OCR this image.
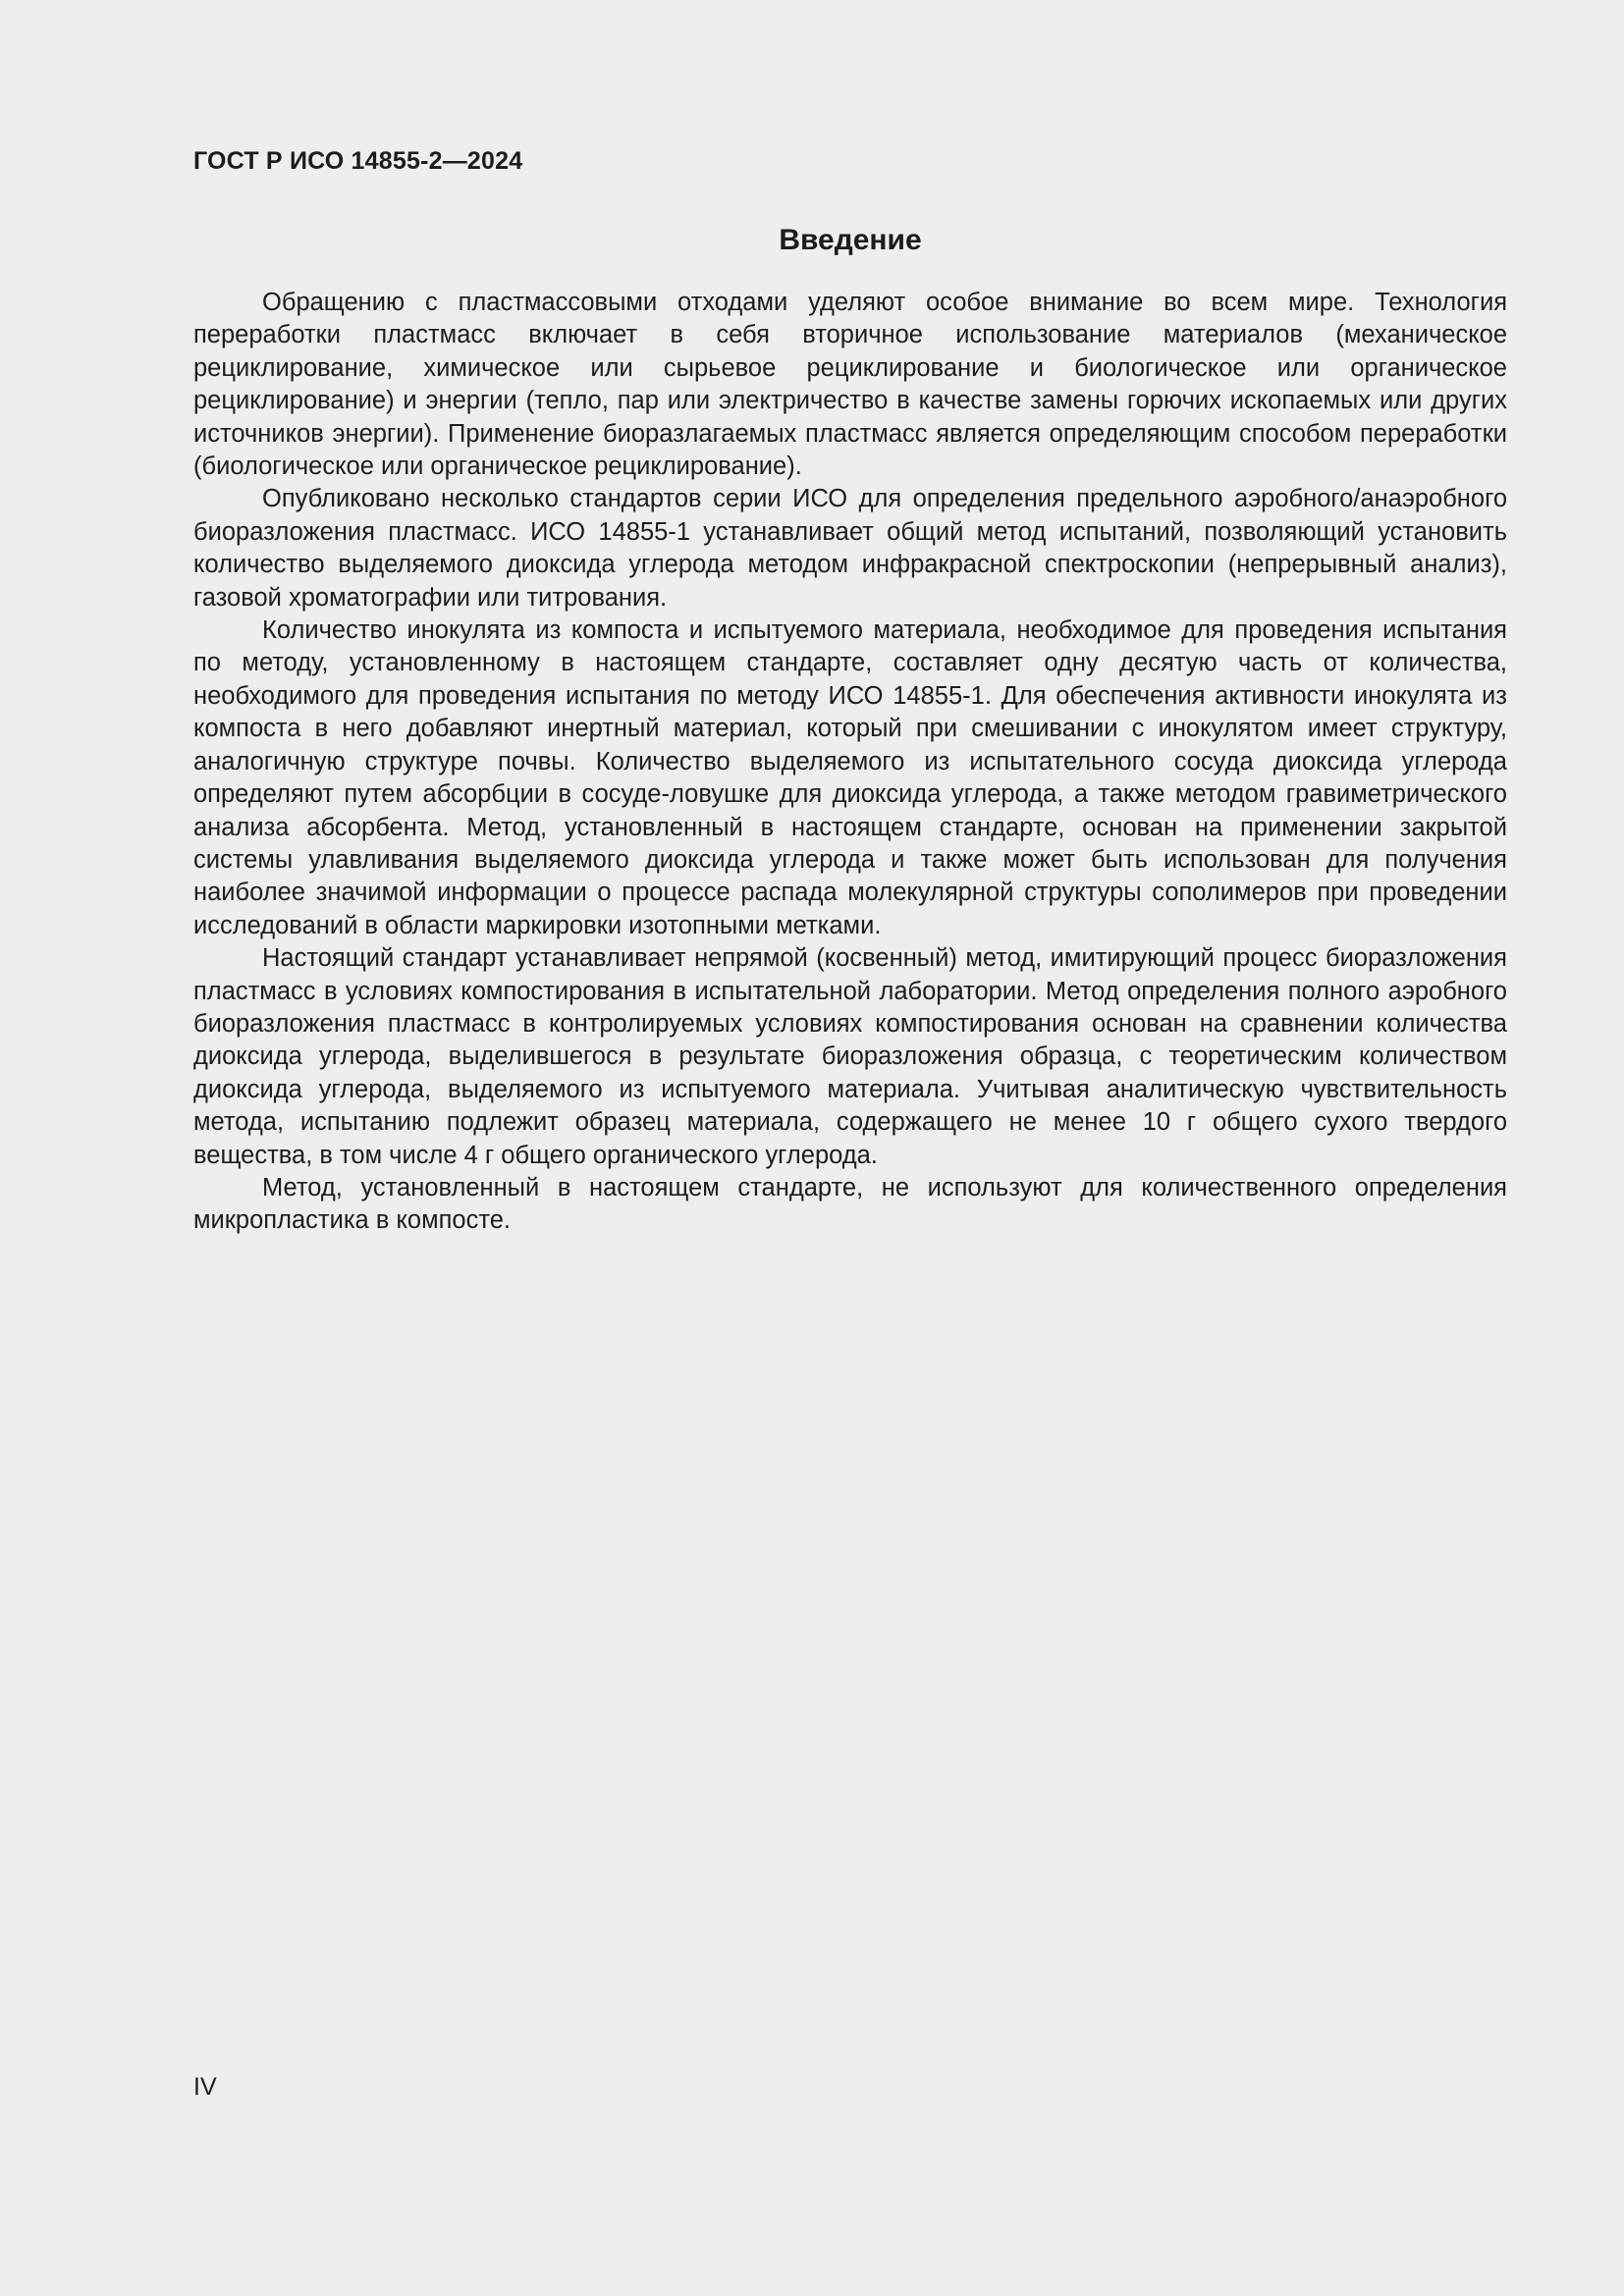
ГОСТ Р ИСО 14855-2—2024
Введение

Обращению с пластмассовыми отходами уделяют особое внимание во всем мире. Технология переработки пластмасс включает в себя вторичное использование материалов (механическое рециклирование, химическое или сырьевое рециклирование и биологическое или органическое рециклирование) и энергии (тепло, пар или электричество в качестве замены горючих ископаемых или других источников энергии). Применение биоразлагаемых пластмасс является определяющим способом переработки (биологическое или органическое рециклирование).

Опубликовано несколько стандартов серии ИСО для определения предельного аэробного/анаэробного биоразложения пластмасс. ИСО 14855-1 устанавливает общий метод испытаний, позволяющий установить количество выделяемого диоксида углерода методом инфракрасной спектроскопии (непрерывный анализ), газовой хроматографии или титрования.

Количество инокулята из компоста и испытуемого материала, необходимое для проведения испытания по методу, установленному в настоящем стандарте, составляет одну десятую часть от количества, необходимого для проведения испытания по методу ИСО 14855-1. Для обеспечения активности инокулята из компоста в него добавляют инертный материал, который при смешивании с инокулятом имеет структуру, аналогичную структуре почвы. Количество выделяемого из испытательного сосуда диоксида углерода определяют путем абсорбции в сосуде-ловушке для диоксида углерода, а также методом гравиметрического анализа абсорбента. Метод, установленный в настоящем стандарте, основан на применении закрытой системы улавливания выделяемого диоксида углерода и также может быть использован для получения наиболее значимой информации о процессе распада молекулярной структуры сополимеров при проведении исследований в области маркировки изотопными метками.

Настоящий стандарт устанавливает непрямой (косвенный) метод, имитирующий процесс биоразложения пластмасс в условиях компостирования в испытательной лаборатории. Метод определения полного аэробного биоразложения пластмасс в контролируемых условиях компостирования основан на сравнении количества диоксида углерода, выделившегося в результате биоразложения образца, с теоретическим количеством диоксида углерода, выделяемого из испытуемого материала. Учитывая аналитическую чувствительность метода, испытанию подлежит образец материала, содержащего не менее 10 г общего сухого твердого вещества, в том числе 4 г общего органического углерода.

Метод, установленный в настоящем стандарте, не используют для количественного определения микропластика в компосте.

IV
